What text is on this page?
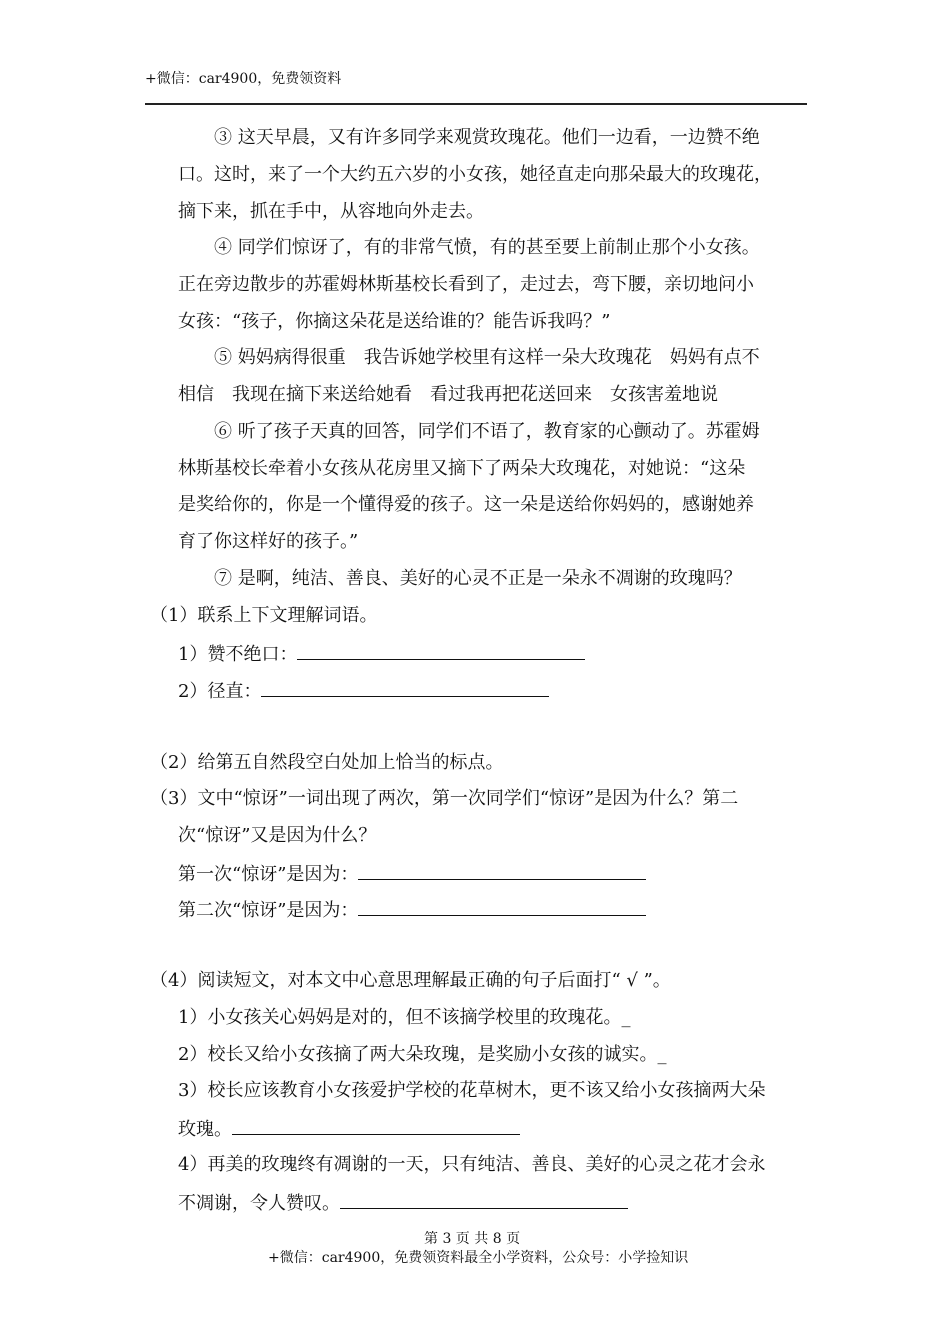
+微信：car4900，免费领资料
③ 这天早晨，又有许多同学来观赏玫瑰花。他们一边看，一边赞不绝
口。这时，来了一个大约五六岁的小女孩，她径直走向那朵最大的玫瑰花，
摘下来，抓在手中，从容地向外走去。
④ 同学们惊讶了，有的非常气愤，有的甚至要上前制止那个小女孩。
正在旁边散步的苏霍姆林斯基校长看到了，走过去，弯下腰，亲切地问小
女孩：“孩子，你摘这朵花是送给谁的？能告诉我吗？”
⑤ 妈妈病得很重　我告诉她学校里有这样一朵大玫瑰花　妈妈有点不
相信　我现在摘下来送给她看　看过我再把花送回来　女孩害羞地说
⑥ 听了孩子天真的回答，同学们不语了，教育家的心颤动了。苏霍姆
林斯基校长牵着小女孩从花房里又摘下了两朵大玫瑰花，对她说：“这朵
是奖给你的，你是一个懂得爱的孩子。这一朵是送给你妈妈的，感谢她养
育了你这样好的孩子。”
⑦ 是啊，纯洁、善良、美好的心灵不正是一朵永不凋谢的玫瑰吗？
（1）联系上下文理解词语。
1）赞不绝口：
2）径直：
（2）给第五自然段空白处加上恰当的标点。
（3）文中“惊讶”一词出现了两次，第一次同学们“惊讶”是因为什么？第二
次“惊讶”又是因为什么？
第一次“惊讶”是因为：
第二次“惊讶”是因为：
（4）阅读短文，对本文中心意思理解最正确的句子后面打“ √ ”。
1）小女孩关心妈妈是对的，但不该摘学校里的玫瑰花。_
2）校长又给小女孩摘了两大朵玫瑰，是奖励小女孩的诚实。_
3）校长应该教育小女孩爱护学校的花草树木，更不该又给小女孩摘两大朵
玫瑰。
4）再美的玫瑰终有凋谢的一天，只有纯洁、善良、美好的心灵之花才会永
不凋谢，令人赞叹。
第 3 页 共 8 页
+微信：car4900，免费领资料最全小学资料，公众号：小学捡知识
